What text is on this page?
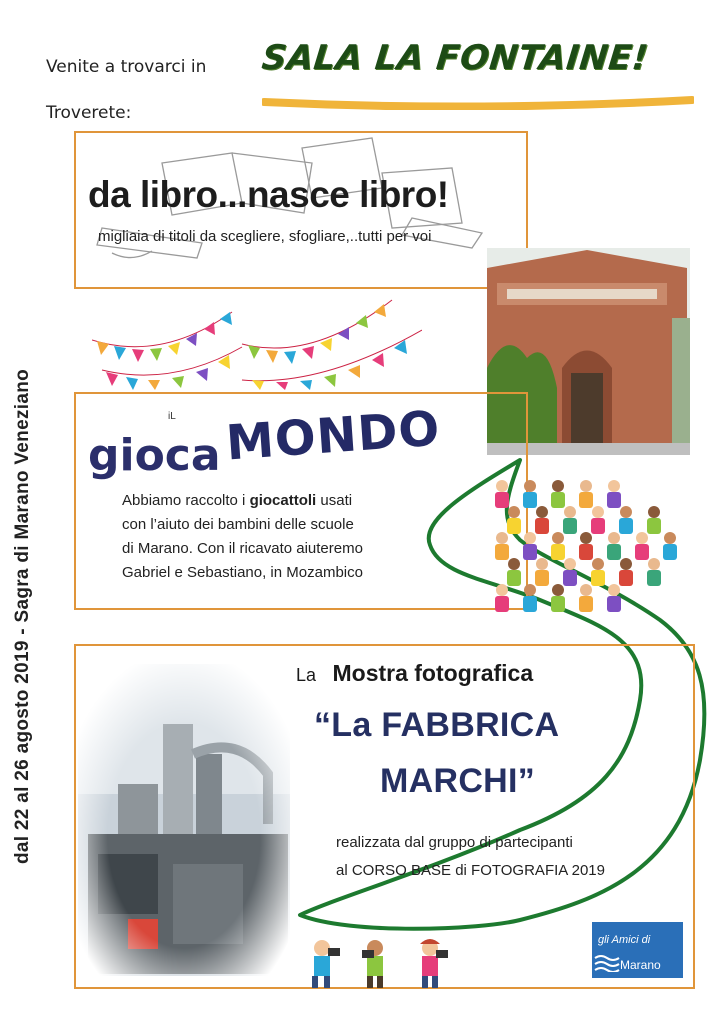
dal 22 al 26 agosto 2019 - Sagra di Marano Veneziano
Venite a trovarci in
Troverete:
SALA LA FONTAINE!
da libro...nasce libro!
migliaia di titoli da scegliere, sfogliare,..tutti per voi
iL
gioca MONDO
Abbiamo raccolto i giocattoli usati
con l’aiuto dei bambini delle scuole
di Marano. Con il ricavato aiuteremo
Gabriel e Sebastiano, in Mozambico
La Mostra fotografica
“La FABBRICA
MARCHI”
realizzata dal gruppo di partecipanti
al CORSO BASE di FOTOGRAFIA 2019
gli Amici di
Marano
